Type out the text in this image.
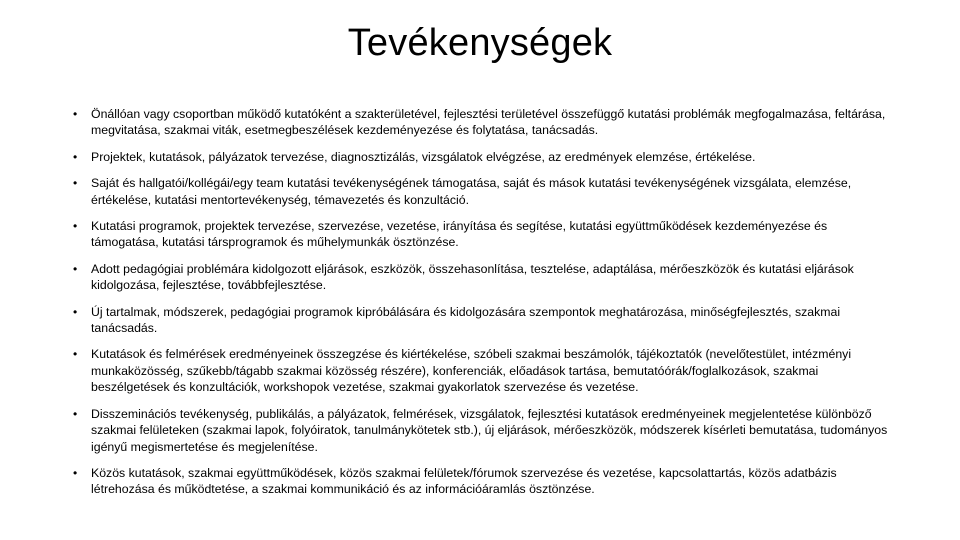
Tevékenységek
• Önállóan vagy csoportban működő kutatóként a szakterületével, fejlesztési területével összefüggő kutatási problémák megfogalmazása, feltárása, megvitatása, szakmai viták, esetmegbeszélések kezdeményezése és folytatása, tanácsadás.
• Projektek, kutatások, pályázatok tervezése, diagnosztizálás, vizsgálatok elvégzése, az eredmények elemzése, értékelése.
• Saját és hallgatói/kollégái/egy team kutatási tevékenységének támogatása, saját és mások kutatási tevékenységének vizsgálata, elemzése, értékelése, kutatási mentortevékenység, témavezetés és konzultáció.
• Kutatási programok, projektek tervezése, szervezése, vezetése, irányítása és segítése, kutatási együttműködések kezdeményezése és támogatása, kutatási társprogramok és műhelymunkák ösztönzése.
• Adott pedagógiai problémára kidolgozott eljárások, eszközök, összehasonlítása, tesztelése, adaptálása, mérőeszközök és kutatási eljárások kidolgozása, fejlesztése, továbbfejlesztése.
• Új tartalmak, módszerek, pedagógiai programok kipróbálására és kidolgozására szempontok meghatározása, minőségfejlesztés, szakmai tanácsadás.
• Kutatások és felmérések eredményeinek összegzése és kiértékelése, szóbeli szakmai beszámolók, tájékoztatók (nevelőtestület, intézményi munkaközösség, szűkebb/tágabb szakmai közösség részére), konferenciák, előadások tartása, bemutatóórák/foglalkozások, szakmai beszélgetések és konzultációk, workshopok vezetése, szakmai gyakorlatok szervezése és vezetése.
• Disszeminációs tevékenység, publikálás, a pályázatok, felmérések, vizsgálatok, fejlesztési kutatások eredményeinek megjelentetése különböző szakmai felületeken (szakmai lapok, folyóiratok, tanulmánykötetek stb.), új eljárások, mérőeszközök, módszerek kísérleti bemutatása, tudományos igényű megismertetése és megjelenítése.
• Közös kutatások, szakmai együttműködések, közös szakmai felületek/fórumok szervezése és vezetése, kapcsolattartás, közös adatbázis létrehozása és működtetése, a szakmai kommunikáció és az információáramlás ösztönzése.
